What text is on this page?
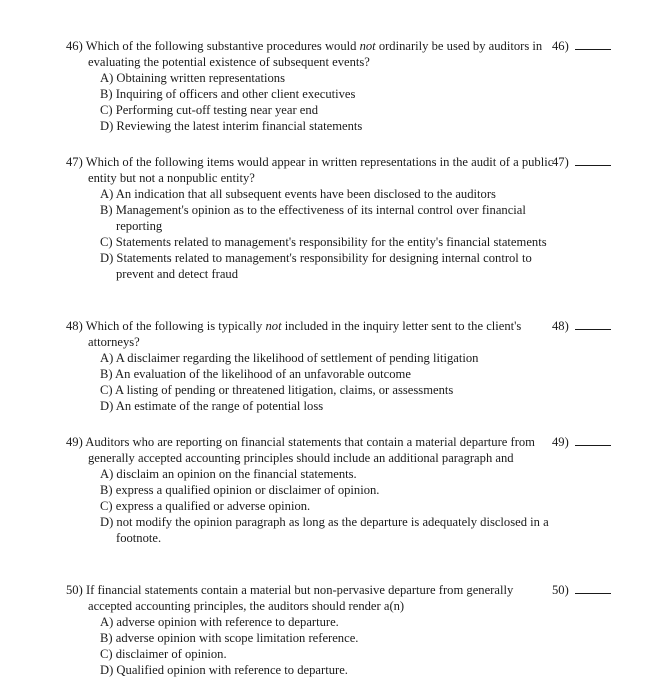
46) Which of the following substantive procedures would not ordinarily be used by auditors in evaluating the potential existence of subsequent events?
46)
A) Obtaining written representations
B) Inquiring of officers and other client executives
C) Performing cut-off testing near year end
D) Reviewing the latest interim financial statements
47) Which of the following items would appear in written representations in the audit of a public entity but not a nonpublic entity?
47)
A) An indication that all subsequent events have been disclosed to the auditors
B) Management's opinion as to the effectiveness of its internal control over financial reporting
C) Statements related to management's responsibility for the entity's financial statements
D) Statements related to management's responsibility for designing internal control to prevent and detect fraud
48) Which of the following is typically not included in the inquiry letter sent to the client's attorneys?
48)
A) A disclaimer regarding the likelihood of settlement of pending litigation
B) An evaluation of the likelihood of an unfavorable outcome
C) A listing of pending or threatened litigation, claims, or assessments
D) An estimate of the range of potential loss
49) Auditors who are reporting on financial statements that contain a material departure from generally accepted accounting principles should include an additional paragraph and
49)
A) disclaim an opinion on the financial statements.
B) express a qualified opinion or disclaimer of opinion.
C) express a qualified or adverse opinion.
D) not modify the opinion paragraph as long as the departure is adequately disclosed in a footnote.
50) If financial statements contain a material but non-pervasive departure from generally accepted accounting principles, the auditors should render a(n)
50)
A) adverse opinion with reference to departure.
B) adverse opinion with scope limitation reference.
C) disclaimer of opinion.
D) Qualified opinion with reference to departure.
